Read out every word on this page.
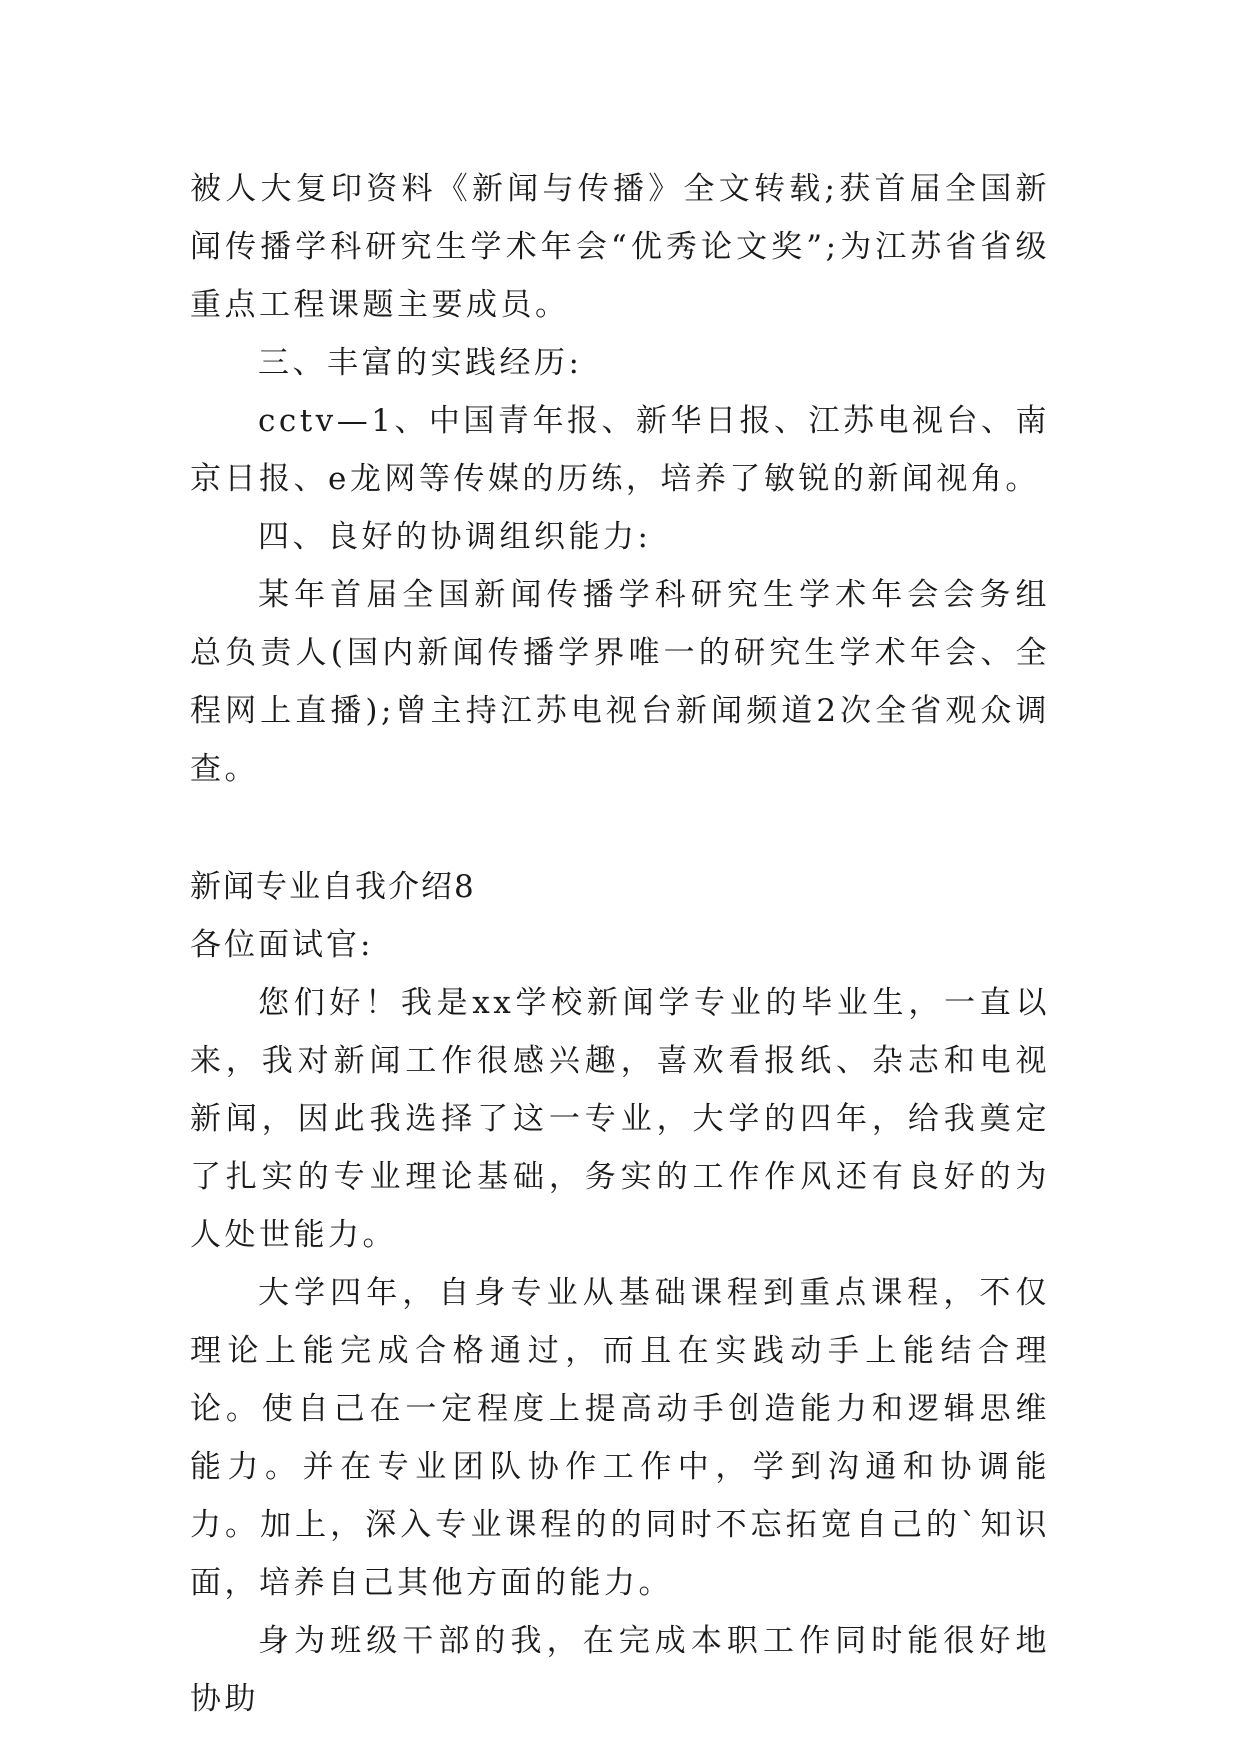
被人大复印资料《新闻与传播》全文转载;获首届全国新闻传播学科研究生学术年会“优秀论文奖”;为江苏省省级重点工程课题主要成员。

三、丰富的实践经历:

cctv—1、中国青年报、新华日报、江苏电视台、南京日报、e龙网等传媒的历练，培养了敏锐的新闻视角。

四、良好的协调组织能力:

某年首届全国新闻传播学科研究生学术年会会务组总负责人(国内新闻传播学界唯一的研究生学术年会、全程网上直播);曾主持江苏电视台新闻频道2次全省观众调查。

新闻专业自我介绍8

各位面试官:

您们好！我是xx学校新闻学专业的毕业生，一直以来，我对新闻工作很感兴趣，喜欢看报纸、杂志和电视新闻，因此我选择了这一专业，大学的四年，给我奠定了扎实的专业理论基础，务实的工作作风还有良好的为人处世能力。

大学四年，自身专业从基础课程到重点课程，不仅理论上能完成合格通过，而且在实践动手上能结合理论。使自己在一定程度上提高动手创造能力和逻辑思维能力。并在专业团队协作工作中，学到沟通和协调能力。加上，深入专业课程的的同时不忘拓宽自己的`知识面，培养自己其他方面的能力。

身为班级干部的我，在完成本职工作同时能很好地协助
